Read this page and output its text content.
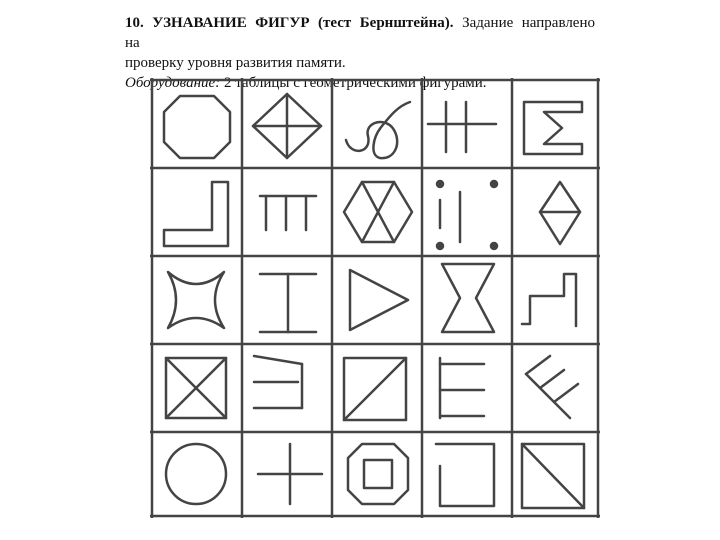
10. УЗНАВАНИЕ ФИГУР (тест Бернштейна). Задание направлено на

проверку уровня развития памяти.

Оборудование: 2 таблицы с геометрическими фигурами.
